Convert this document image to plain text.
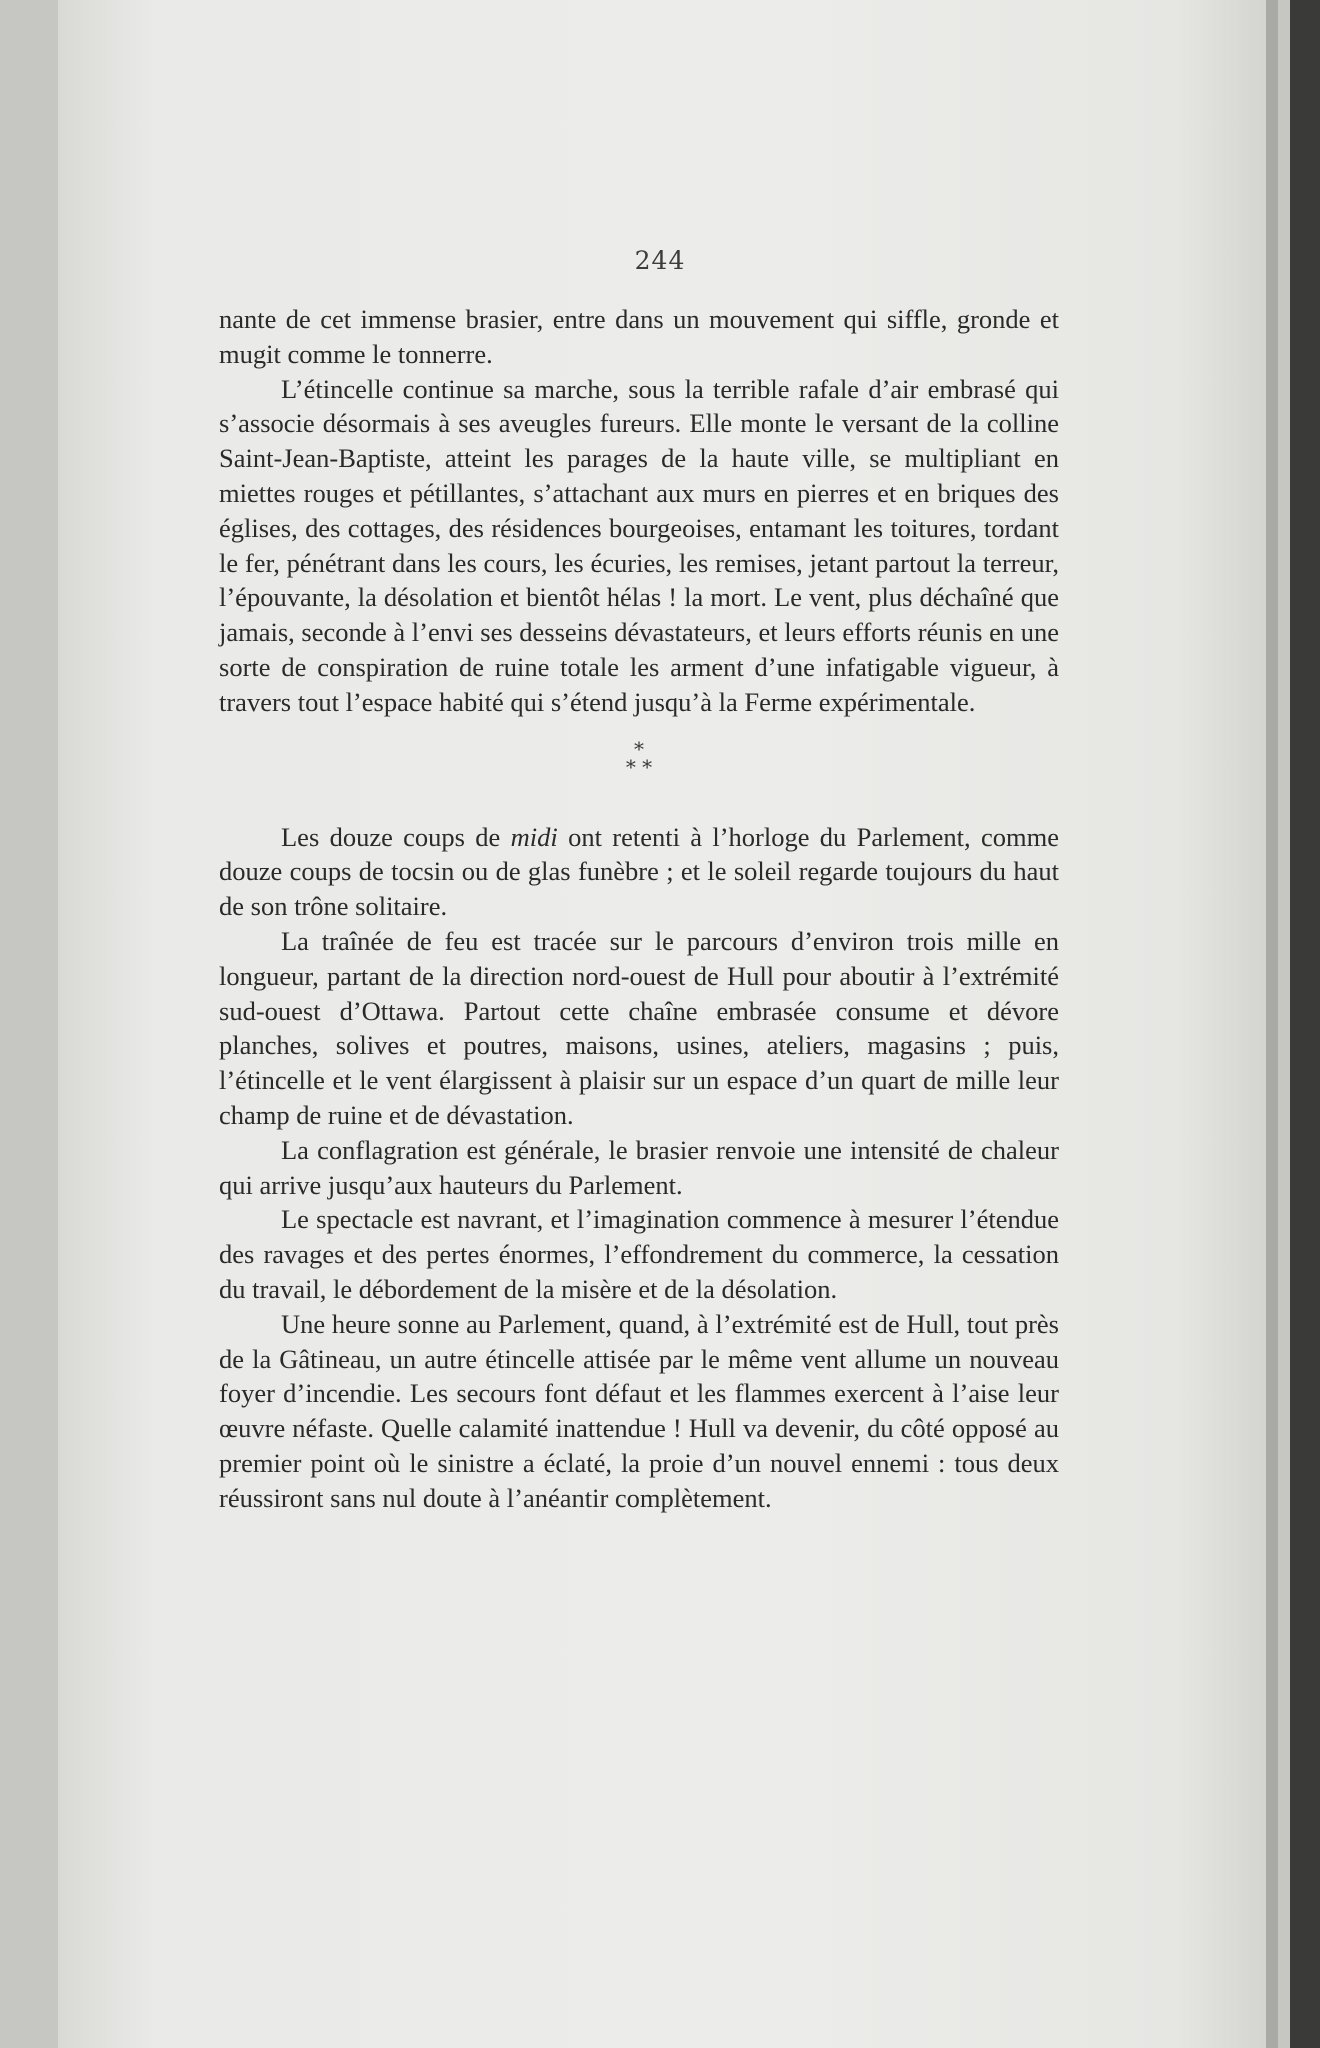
244

nante de cet immense brasier, entre dans un mouvement qui siffle, gronde et mugit comme le tonnerre.

L’étincelle continue sa marche, sous la terrible rafale d’air embrasé qui s’associe désormais à ses aveugles fureurs. Elle monte le versant de la colline Saint-Jean-Baptiste, atteint les parages de la haute ville, se multipliant en miettes rouges et pétillantes, s’attachant aux murs en pierres et en briques des églises, des cottages, des résidences bourgeoises, entamant les toitures, tordant le fer, pénétrant dans les cours, les écuries, les remises, jetant partout la terreur, l’épouvante, la désolation et bientôt hélas ! la mort. Le vent, plus déchaîné que jamais, seconde à l’envi ses desseins dévastateurs, et leurs efforts réunis en une sorte de conspiration de ruine totale les arment d’une infatigable vigueur, à travers tout l’espace habité qui s’étend jusqu’à la Ferme expérimentale.

*
* *

Les douze coups de midi ont retenti à l’horloge du Parlement, comme douze coups de tocsin ou de glas funèbre ; et le soleil regarde toujours du haut de son trône solitaire.

La traînée de feu est tracée sur le parcours d’environ trois mille en longueur, partant de la direction nord-ouest de Hull pour aboutir à l’extrémité sud-ouest d’Ottawa. Partout cette chaîne embrasée consume et dévore planches, solives et poutres, maisons, usines, ateliers, magasins ; puis, l’étincelle et le vent élargissent à plaisir sur un espace d’un quart de mille leur champ de ruine et de dévastation.

La conflagration est générale, le brasier renvoie une intensité de chaleur qui arrive jusqu’aux hauteurs du Parlement.

Le spectacle est navrant, et l’imagination commence à mesurer l’étendue des ravages et des pertes énormes, l’effondrement du commerce, la cessation du travail, le débordement de la misère et de la désolation.

Une heure sonne au Parlement, quand, à l’extrémité est de Hull, tout près de la Gâtineau, un autre étincelle attisée par le même vent allume un nouveau foyer d’incendie. Les secours font défaut et les flammes exercent à l’aise leur œuvre néfaste. Quelle calamité inattendue ! Hull va devenir, du côté opposé au premier point où le sinistre a éclaté, la proie d’un nouvel ennemi : tous deux réussiront sans nul doute à l’anéantir complètement.
